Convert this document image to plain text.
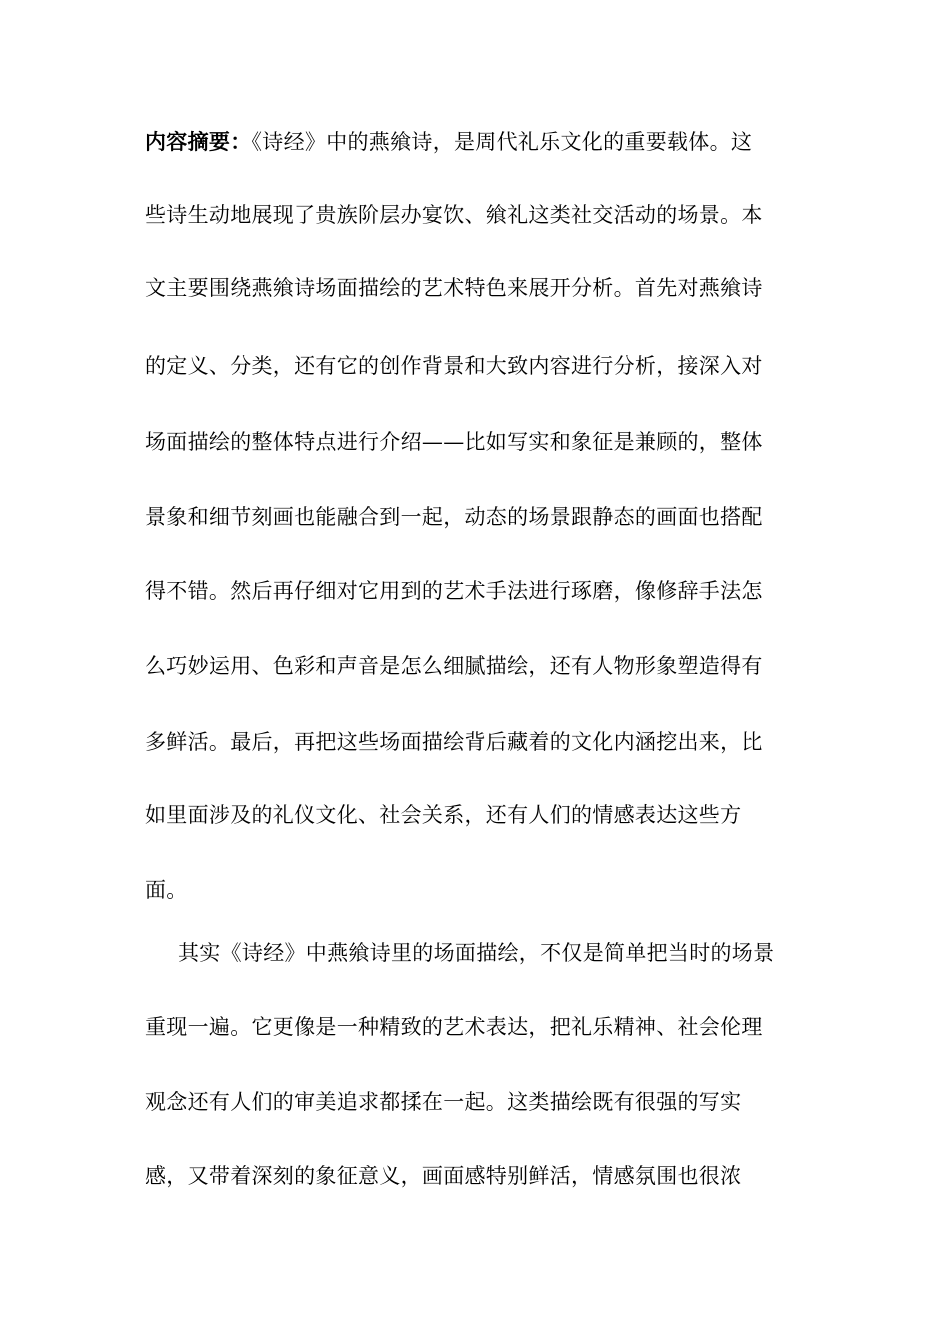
内容摘要：《诗经》中的燕飨诗，是周代礼乐文化的重要载体。这
些诗生动地展现了贵族阶层办宴饮、飨礼这类社交活动的场景。本
文主要围绕燕飨诗场面描绘的艺术特色来展开分析。首先对燕飨诗
的定义、分类，还有它的创作背景和大致内容进行分析，接深入对
场面描绘的整体特点进行介绍——比如写实和象征是兼顾的，整体
景象和细节刻画也能融合到一起，动态的场景跟静态的画面也搭配
得不错。然后再仔细对它用到的艺术手法进行琢磨，像修辞手法怎
么巧妙运用、色彩和声音是怎么细腻描绘，还有人物形象塑造得有
多鲜活。最后，再把这些场面描绘背后藏着的文化内涵挖出来，比
如里面涉及的礼仪文化、社会关系，还有人们的情感表达这些方
面。
其实《诗经》中燕飨诗里的场面描绘，不仅是简单把当时的场景
重现一遍。它更像是一种精致的艺术表达，把礼乐精神、社会伦理
观念还有人们的审美追求都揉在一起。这类描绘既有很强的写实
感，又带着深刻的象征意义，画面感特别鲜活，情感氛围也很浓
